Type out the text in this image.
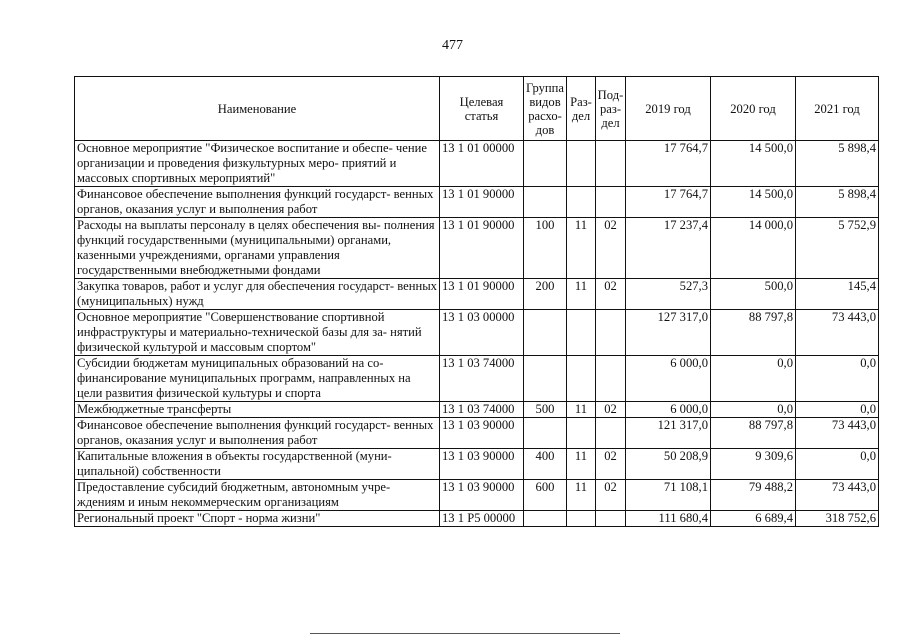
477
Наименование	Целевая статья	Группа видов расхо- дов	Раз- дел	Под- раз- дел	2019 год	2020 год	2021 год
Основное мероприятие "Физическое воспитание и обеспе- чение организации и проведения физкультурных меро- приятий и массовых спортивных мероприятий"	13 1 01 00000				17 764,7	14 500,0	5 898,4
Финансовое обеспечение выполнения функций государст- венных органов, оказания услуг и выполнения работ	13 1 01 90000				17 764,7	14 500,0	5 898,4
Расходы на выплаты персоналу в целях обеспечения вы- полнения функций государственными (муниципальными) органами, казенными учреждениями, органами управления государственными внебюджетными фондами	13 1 01 90000	100	11	02	17 237,4	14 000,0	5 752,9
Закупка товаров, работ и услуг для обеспечения государст- венных (муниципальных) нужд	13 1 01 90000	200	11	02	527,3	500,0	145,4
Основное мероприятие "Совершенствование спортивной инфраструктуры и материально-технической базы для за- нятий физической культурой и массовым спортом"	13 1 03 00000				127 317,0	88 797,8	73 443,0
Субсидии бюджетам муниципальных образований на со- финансирование муниципальных программ, направленных на цели развития физической культуры и спорта	13 1 03 74000				6 000,0	0,0	0,0
Межбюджетные трансферты	13 1 03 74000	500	11	02	6 000,0	0,0	0,0
Финансовое обеспечение выполнения функций государст- венных органов, оказания услуг и выполнения работ	13 1 03 90000				121 317,0	88 797,8	73 443,0
Капитальные вложения в объекты государственной (муни- ципальной) собственности	13 1 03 90000	400	11	02	50 208,9	9 309,6	0,0
Предоставление субсидий бюджетным, автономным учре- ждениям и иным некоммерческим организациям	13 1 03 90000	600	11	02	71 108,1	79 488,2	73 443,0
Региональный проект "Спорт - норма жизни"	13 1 P5 00000				111 680,4	6 689,4	318 752,6
